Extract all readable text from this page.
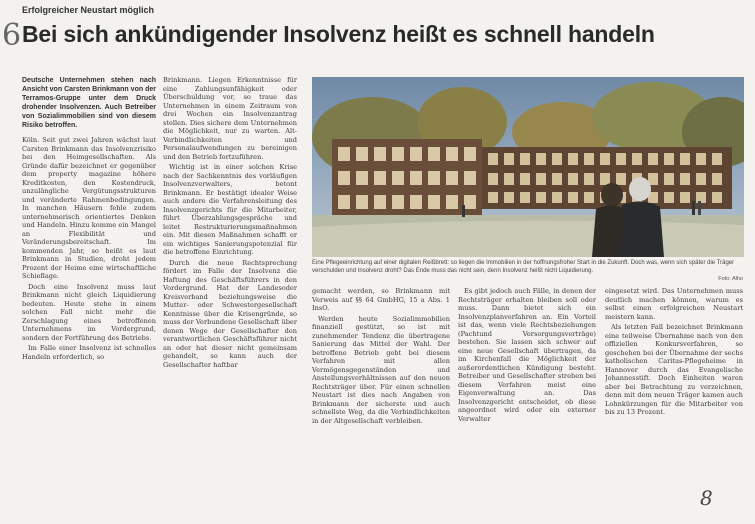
6
Erfolgreicher Neustart möglich
Bei sich ankündigender Insolvenz heißt es schnell handeln

Deutsche Unternehmen stehen nach Ansicht von Carsten Brinkmann von der Terramos-Gruppe unter dem Druck drohender Insolvenzen. Auch Betreiber von Sozialimmobilien sind von diesem Risiko betroffen.

Köln. Seit gut zwei Jahren wächst laut Carsten Brinkmann das Insolvenzrisiko bei den Heimgesellschaften. Als Gründe dafür bezeichnet er gegenüber dem property magazine höhere Kreditkosten, den Kostendruck, unzulängliche Vergütungsstrukturen und veränderte Rahmenbedingungen. In manchen Häusern fehle zudem unternehmerisch orientiertes Denken und Handeln. Hinzu komme ein Mangel an Flexibilität und Veränderungsbereitschaft. Im kommenden Jahr, so heißt es laut Brinkmann in Studien, droht jedem Prozent der Heime eine wirtschaftliche Schieflage.

Doch eine Insolvenz muss laut Brinkmann nicht gleich Liquidierung bedeuten. Heute stehe in einem solchen Fall nicht mehr die Zerschlagung eines betroffenen Unternehmens im Vordergrund, sondern der Fortführung des Betriebs.

Im Falle einer Insolvenz ist schnelles Handeln erforderlich, so

Brinkmann. Liegen Erkenntnisse für eine Zahlungsunfähigkeit oder Überschuldung vor, so traue das Unternehmen in einem Zeitraum von drei Wochen ein Insolvenzantrag stellen. Dies sichere dem Unternehmen die Möglichkeit, nur zu warten. Alt-Verbindlichkeiten und Personalaufwendungen zu bereinigen und den Betrieb fortzuführen.

Wichtig ist in einer solchen Krise nach der Sachkenntnis des vorläufigen Insolvenzverwalters, betont Brinkmann. Er bestätigt idealer Weise auch andere die Verfahrensleitung des Insolvenzgerichts für die Mitarbeiter, führt Überzahlungsgespräche und leitet Restrukturierungsmaßnahmen ein. Mit diesen Maßnahmen schafft er ein wichtiges Sanierungspotenzial für die betroffene Einrichtung.

Durch die neue Rechtsprechung fördert im Falle der Insolvenz die Haftung des Geschäftsführers in den Vordergrund. Hat der Landesoder Kreisverband beziehungsweise die Mutter- oder Schwestergesellschaft Kenntnisse über die Krisengründe, so muss der Verbundene Gesellschaft über denen Wege der Gesellschafter den verantwortlichen Geschäftsführer nicht an oder hat dieser nicht gemeinsam gehandelt, so kann auch der Gesellschafter haftbar

Eine Pflegeeinrichtung auf einer digitalen Reißbrett: so liegen die Immobilien in der hoffnungsfroher Start in die Zukunft. Doch was, wenn sich später die Träger verschulden und Insolvenz droht? Das Ende muss das nicht sein, denn Insolvenz heißt nicht Liquidierung.
Foto: Alho

gemacht werden, so Brinkmann mit Verweis auf §§ 64 GmbHG, 15 a Abs. 1 InsO.

Werden heute Sozialimmobilien finanziell gestützt, so ist mit zunehmender Tendenz die übertragene Sanierung das Mittel der Wahl. Der betroffene Betrieb geht bei diesem Verfahren mit allen Vermögensgegenständen und Anstellungsverhältnissen auf den neuen Rechtsträger über. Für einen schnellen Neustart ist dies nach Angaben von Brinkmann der sicherste und auch schnellste Weg, da die Verbindlichkeiten in der Altgesellschaft verbleiben.

Es gibt jedoch auch Fälle, in denen der Rechtsträger erhalten bleiben soll oder muss. Dann bietet sich ein Insolvenzplanverfahren an. Ein Vorteil ist das, wenn viele Rechtsbeziehungen (Pachtund Versorgungsverträge) bestehen. Sie lassen sich schwer auf eine neue Gesellschaft übertragen, da im Kirchenfall die Möglichkeit der außerordentlichen Kündigung besteht. Betreiber und Gesellschafter streben bei diesem Verfahren meist eine Eigenverwaltung an. Das Insolvenzgericht entscheidet, ob diese angeordnet wird oder ein externer Verwalter

eingesetzt wird. Das Unternehmen muss deutlich machen können, warum es selbst einen erfolgreichen Neustart meistern kann.

Als letzten Fall bezeichnet Brinkmann eine teilweise Übernahme nach von den offiziellen Konkursverfahren, so geschehen bei der Übernahme der sechs katholischen Caritas-Pflegeheime in Hannover durch das Evangelische Johannesstift. Doch Einheiten waren aber bei Betrachtung zu verzeichnen, denn mit dem neuen Träger kamen auch Lohnkürzungen für die Mitarbeiter von bis zu 13 Prozent.

8
